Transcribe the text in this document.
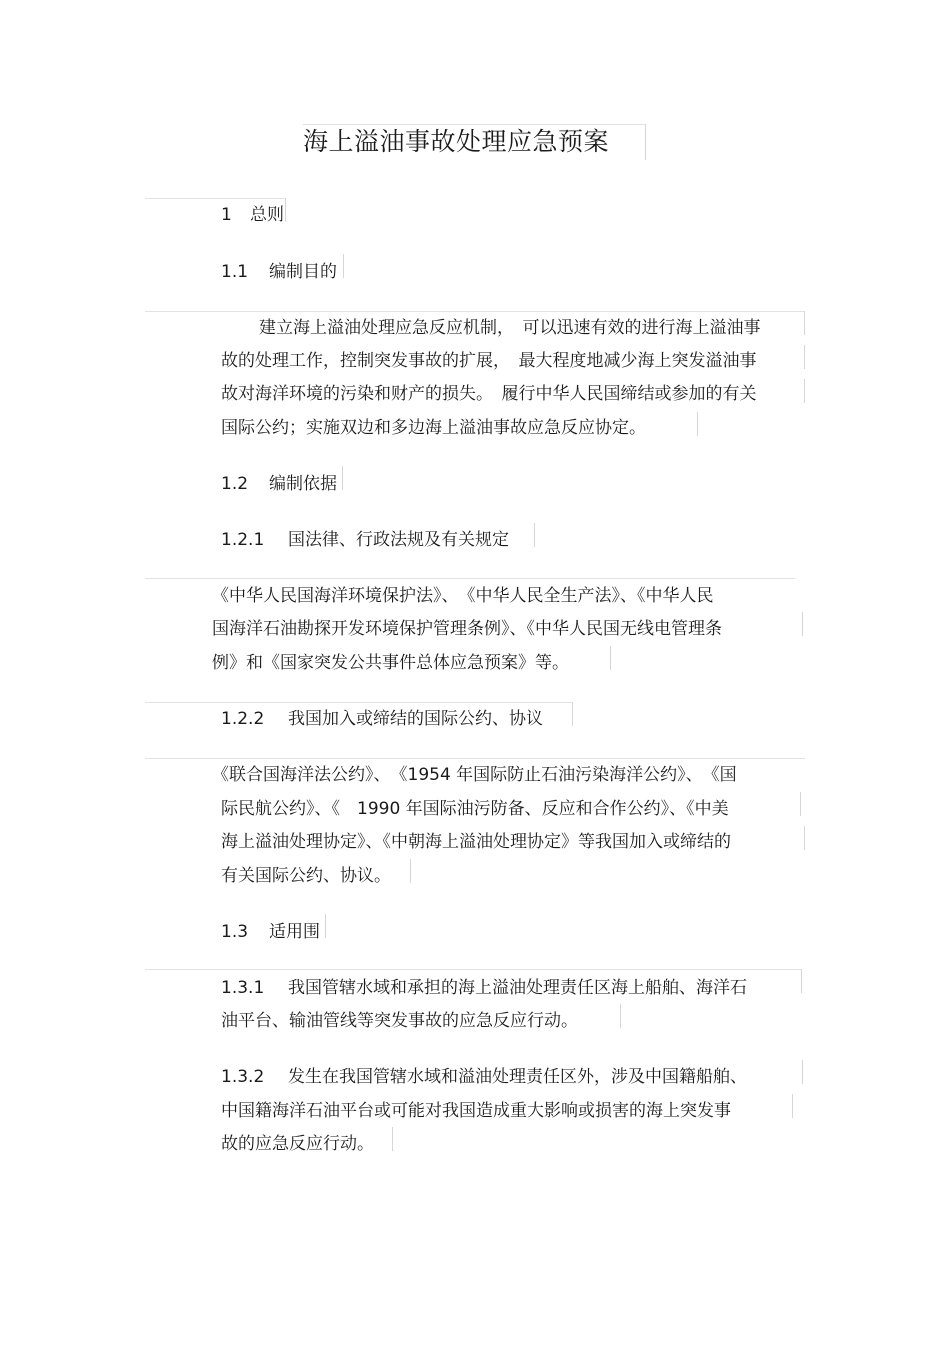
海上溢油事故处理应急预案
1 总则
1.1 编制目的
建立海上溢油处理应急反应机制，　可以迅速有效的进行海上溢油事
故的处理工作，控制突发事故的扩展，　最大程度地减少海上突发溢油事
故对海洋环境的污染和财产的损失。　履行中华人民国缔结或参加的有关
国际公约；实施双边和多边海上溢油事故应急反应协定。
1.2 编制依据
1.2.1 国法律、行政法规及有关规定
《中华人民国海洋环境保护法》、　《中华人民全生产法》、《中华人民
国海洋石油勘探开发环境保护管理条例》、《中华人民国无线电管理条
例》和《国家突发公共事件总体应急预案》等。
1.2.2 我国加入或缔结的国际公约、协议
《联合国海洋法公约》、　《1954 年国际防止石油污染海洋公约》、　《国
际民航公约》、《　1990 年国际油污防备、反应和合作公约》、《中美
海上溢油处理协定》、《中朝海上溢油处理协定》等我国加入或缔结的
有关国际公约、协议。
1.3 适用围
1.3.1 我国管辖水域和承担的海上溢油处理责任区海上船舶、海洋石
油平台、输油管线等突发事故的应急反应行动。
1.3.2 发生在我国管辖水域和溢油处理责任区外，涉及中国籍船舶、
中国籍海洋石油平台或可能对我国造成重大影响或损害的海上突发事
故的应急反应行动。
